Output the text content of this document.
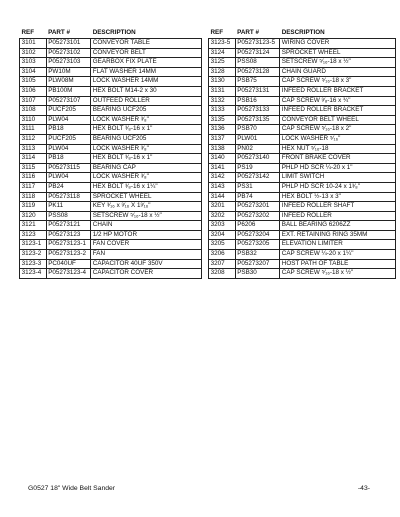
REF	PART #	DESCRIPTION
3101	P05273101	CONVEYOR TABLE
3102	P05273102	CONVEYOR BELT
3103	P05273103	GEARBOX FIX PLATE
3104	PW10M	FLAT WASHER 14MM
3105	PLW08M	LOCK WASHER 14MM
3106	PB100M	HEX BOLT M14-2 x 30
3107	P05273107	OUTFEED ROLLER
3108	PUCF205	BEARING UCF205
3110	PLW04	LOCK WASHER ³⁄₈"
3111	PB18	HEX BOLT ³⁄₈-16 x 1"
3112	PUCF205	BEARING UCF205
3113	PLW04	LOCK WASHER ³⁄₈"
3114	PB18	HEX BOLT ³⁄₈-16 x 1"
3115	P05273115	BEARING CAP
3116	PLW04	LOCK WASHER ³⁄₈"
3117	PB24	HEX BOLT ³⁄₈-16 x 1¼"
3118	P05273118	SPROCKET WHEEL
3119	PK11	KEY ³⁄₁₆ x ³⁄₁₆ X 1³⁄₁₆"
3120	PSS08	SETSCREW ⁵⁄₁₆-18 x ½"
3121	P05273121	CHAIN
3123	P05273123	1/2 HP MOTOR
3123-1	P05273123-1	FAN COVER
3123-2	P05273123-2	FAN
3123-3	PC040UF	CAPACITOR 40UF 350V
3123-4	P05273123-4	CAPACITOR COVER
REF	PART #	DESCRIPTION
3123-5	P05273123-5	WIRING COVER
3124	P05273124	SPROCKET WHEEL
3125	PSS08	SETSCREW ⁵⁄₁₆-18 x ½"
3128	P05273128	CHAIN GUARD
3130	PSB75	CAP SCREW ⁵⁄₁₆-18 x 3"
3131	P05273131	INFEED ROLLER BRACKET
3132	PSB16	CAP SCREW ³⁄₈-16 x ¾"
3133	P05273133	INFEED ROLLER BRACKET
3135	P05273135	CONVEYOR BELT WHEEL
3136	PSB70	CAP SCREW ⁵⁄₁₆-18 x 2"
3137	PLW01	LOCK WASHER ⁵⁄₁₆"
3138	PN02	HEX NUT ⁵⁄₁₆-18
3140	P05273140	FRONT BRAKE COVER
3141	PS19	PHLP HD SCR ¼-20 x 1"
3142	P05273142	LIMIT SWITCH
3143	PS31	PHLP HD SCR 10-24 x 1³⁄₈"
3144	PB74	HEX BOLT ½-13 x 3"
3201	P05273201	INFEED ROLLER SHAFT
3202	P05273202	INFEED ROLLER
3203	P6206	BALL BEARING 6206ZZ
3204	P05273204	EXT. RETAINING RING 35MM
3205	P05273205	ELEVATION LIMITER
3206	PSB32	CAP SCREW ¼-20 x 1¼"
3207	P05273207	HOST PATH OF TABLE
3208	PSB30	CAP SCREW ⁵⁄₁₆-18 x ½"
G0527 18" Wide Belt Sander	-43-
